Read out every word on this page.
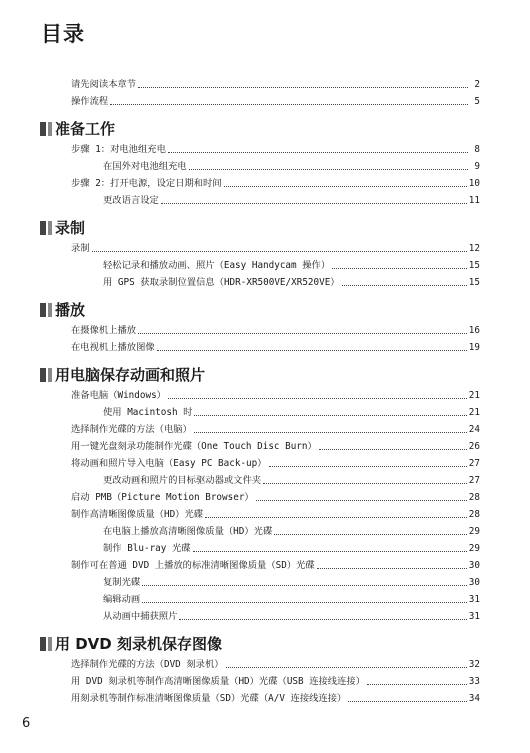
目录
请先阅读本章节	2
操作流程	5
准备工作
步骤 1：对电池组充电	8
在国外对电池组充电	9
步骤 2：打开电源，设定日期和时间	10
更改语言设定	11
录制
录制	12
轻松记录和播放动画、照片（Easy Handycam 操作）	15
用 GPS 获取录制位置信息（HDR-XR500VE/XR520VE）	15
播放
在摄像机上播放	16
在电视机上播放图像	19
用电脑保存动画和照片
准备电脑（Windows）	21
使用 Macintosh 时	21
选择制作光碟的方法（电脑）	24
用一键光盘刻录功能制作光碟（One Touch Disc Burn）	26
将动画和照片导入电脑（Easy PC Back-up）	27
更改动画和照片的目标驱动器或文件夹	27
启动 PMB（Picture Motion Browser）	28
制作高清晰图像质量（HD）光碟	28
在电脑上播放高清晰图像质量（HD）光碟	29
制作 Blu-ray 光碟	29
制作可在普通 DVD 上播放的标准清晰图像质量（SD）光碟	30
复制光碟	30
编辑动画	31
从动画中捕获照片	31
用 DVD 刻录机保存图像
选择制作光碟的方法（DVD 刻录机）	32
用 DVD 刻录机等制作高清晰图像质量（HD）光碟（USB 连接线连接）	33
用刻录机等制作标准清晰图像质量（SD）光碟（A/V 连接线连接）	34
6
